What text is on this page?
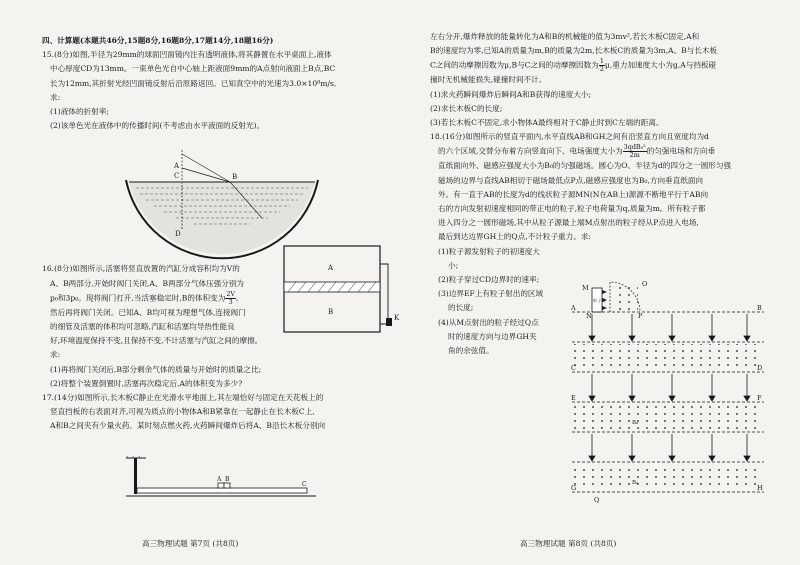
四、计算题(本题共46分,15题8分,16题8分,17题14分,18题16分)
15.(8分)如图,半径为29mm的球面凹面镜内注有透明液体,将其静置在水平桌面上,液体
中心厚度CD为13mm。一束单色光自中心轴上距液面9mm的A点射向液面上B点,BC
长为12mm,其折射光经凹面镜反射后沿原路返回。已知真空中的光速为3.0×10⁸m/s,
求:
(1)液体的折射率;
(2)该单色光在液体中的传播时间(不考虑由水平液面的反射光)。
C
A
B
D
16.(8分)如图所示,活塞将竖直放置的汽缸分成容积均为V的
A、B两部分,开始时阀门关闭,A、B两部分气体压强分别为
p₀和3p₀。现将阀门打开,当活塞稳定时,B的体积变为 $\frac{2V}{3}$ ,
然后再将阀门关闭。已知A、B均可视为理想气体,连接阀门
的细管及活塞的体积均可忽略,汽缸和活塞均导热性能良
好,环境温度保持不变,且保持不变,不计活塞与汽缸之间的摩擦。
求:
(1)再将阀门关闭后,B部分剩余气体的质量与开始时的质量之比;
(2)将整个装置倒置时,活塞再次稳定后,A的体积变为多少?
A
B
K
17.(14分)如图所示,长木板C静止在光滑水平地面上,其左端恰好与固定在天花板上的
竖直挡板的右表面对齐,可视为质点的小物体A和B紧靠在一起静止在长木板C上,
A和B之间夹有少量火药。某时刻点燃火药,火药瞬间爆炸后将A、B沿长木板分别向
A B
C
高三物理试题 第7页 (共8页)
左右分开,爆炸释放的能量转化为A和B的机械能的值为3mv²,若长木板C固定,A和
B的速度均为零,已知A的质量为m,B的质量为2m,长木板C的质量为3m,A、B与长木板
C之间的动摩擦因数为μ,B与C之间的动摩擦因数为 $\frac{1}{2} \mu$,重力加速度大小为g,A与挡板碰
撞时无机械能损失,碰撞时间不计。
(1)求火药瞬间爆炸后瞬间A和B获得的速度大小;
(2)求长木板C的长度;
(3)若长木板C不固定,求小物体A最终相对于C静止时到C左端的距离。
18.(16分)如图所示的竖直平面内,水平直线AB和GH之间有沿竖直方向且宽度均为d
的六个区域,交替分布着方向竖直向下、电场强度大小为 $\frac{\text{3qdB₀²}}{2m}$ 的匀强电场和方向垂
直纸面向外、磁感应强度大小为B₀的匀强磁场。圆心为O、半径为d的四分之一圆形匀强
磁场的边界与直线AB相切于磁场最低点P点,磁感应强度也为B₀,方向垂直纸面向
外。有一直于AB的长度为d的线状粒子源MN(N在AB上)源源不断地平行于AB向
右的方向发射初速度相同的带正电的粒子,粒子电荷量为q,质量为m。所有粒子都
进入四分之一圆形磁场,其中从粒子源最上端M点射出的粒子经从P点进入电场,
最后到达边界GH上的Q点,不计粒子重力。求:
(1)粒子源发射粒子的初速度大
小;
(2)粒子穿过CD边界时的速率;
(3)边界EF上有粒子射出的区域
的长度;
(4)从M点射出的粒子经过Q点
时的速度方向与边界GH夹
角的余弦值。
M
粒子源
O
N	P
A	B
C	D
E	F
G	H
Q
B₀
B₀
高三物理试题 第8页 (共8页)
